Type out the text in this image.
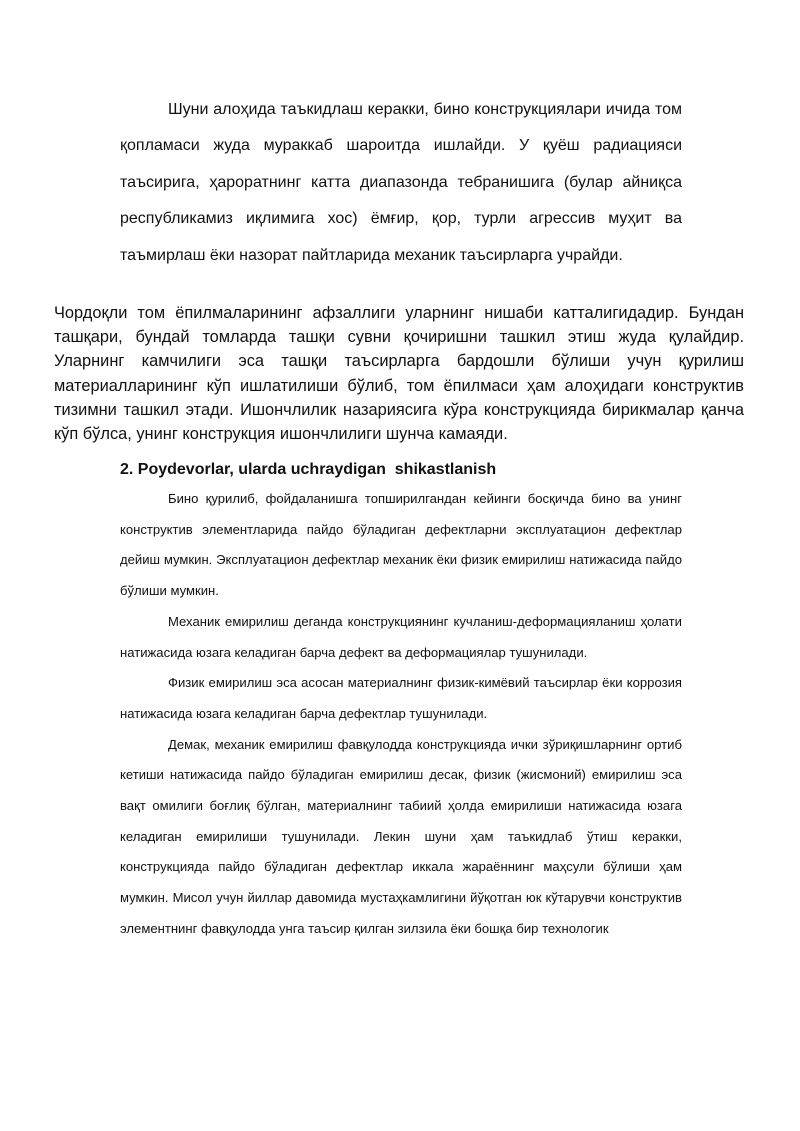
Шуни алоҳида таъкидлаш керакки, бино конструкциялари ичида том қопламаси жуда мураккаб шароитда ишлайди. У қуёш радиацияси таъсирига, ҳароратнинг катта диапазонда тебранишига (булар айниқса республикамиз иқлимига хос) ёмғир, қор, турли агрессив муҳит ва таъмирлаш ёки назорат пайтларида механик таъсирларга учрайди.

Чордоқли том ёпилмаларининг афзаллиги уларнинг нишаби катталигидадир. Бундан ташқари, бундай томларда ташқи сувни қочиришни ташкил этиш жуда қулайдир. Уларнинг камчилиги эса ташқи таъсирларга бардошли бўлиши учун қурилиш материалларининг кўп ишлатилиши бўлиб, том ёпилмаси ҳам алоҳидаги конструктив тизимни ташкил этади. Ишончлилик назариясига кўра конструкцияда бирикмалар қанча кўп бўлса, унинг конструкция ишончлилиги шунча камаяди.

2. Poydevorlar, ularda uchraydigan  shikastlanish

Бино қурилиб, фойдаланишга топширилгандан кейинги босқичда бино ва унинг конструктив элементларида пайдо бўладиган дефектларни эксплуатацион дефектлар дейиш мумкин. Эксплуатацион дефектлар механик ёки физик емирилиш натижасида пайдо бўлиши мумкин.

Механик емирилиш деганда конструкциянинг кучланиш-деформацияланиш ҳолати натижасида юзага келадиган барча дефект ва деформациялар тушунилади.

Физик емирилиш эса асосан материалнинг физик-кимёвий таъсирлар ёки коррозия натижасида юзага келадиган барча дефектлар тушунилади.

Демак, механик емирилиш фавқулодда конструкцияда ички зўриқишларнинг ортиб кетиши натижасида пайдо бўладиган емирилиш десак, физик (жисмоний) емирилиш эса вақт омилиги боғлиқ бўлган, материалнинг табиий ҳолда емирилиши натижасида юзага келадиган емирилиши тушунилади. Лекин шуни ҳам таъкидлаб ўтиш керакки, конструкцияда пайдо бўладиган дефектлар иккала жараённинг маҳсули бўлиши ҳам мумкин. Мисол учун йиллар давомида мустаҳкамлигини йўқотган юк кўтарувчи конструктив элементнинг фавқулодда унга таъсир қилган зилзила ёки бошқа бир технологик
